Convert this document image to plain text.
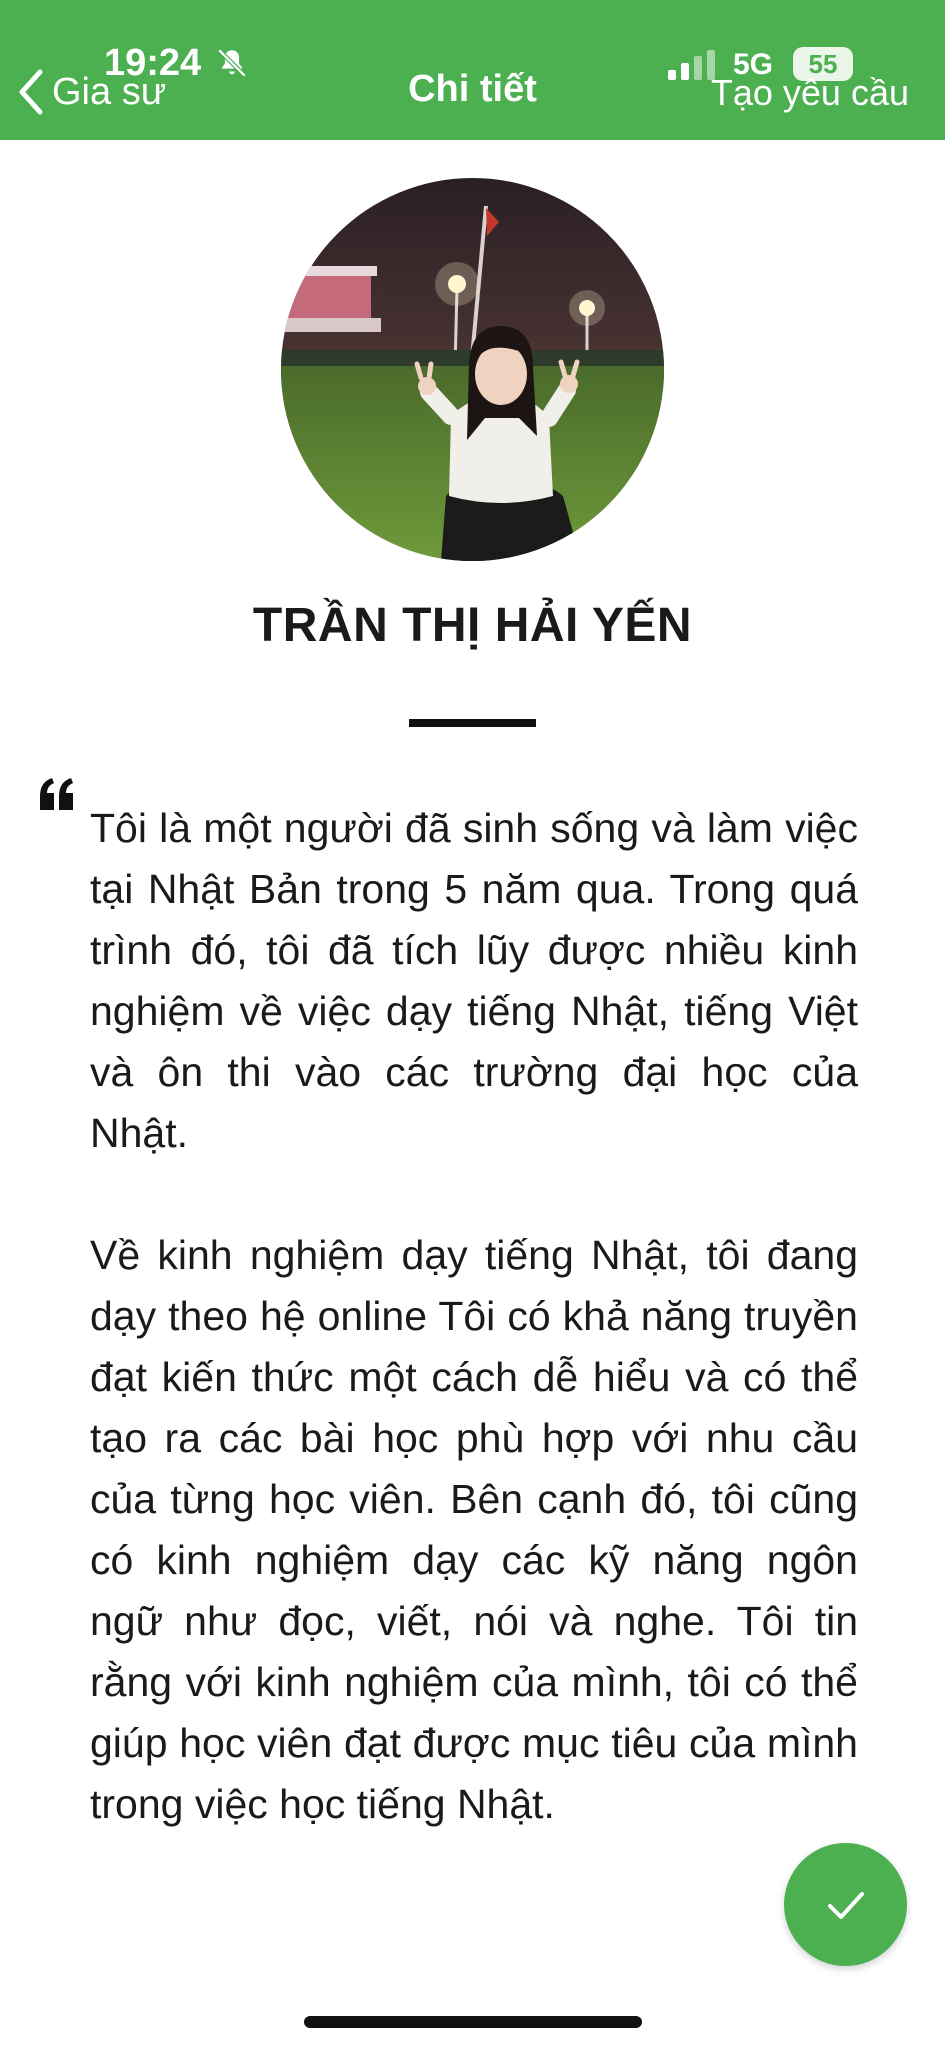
19:24	5G	55
Gia sư	Chi tiết	Tạo yêu cầu
TRẦN THỊ HẢI YẾN

Tôi là một người đã sinh sống và làm việc tại Nhật Bản trong 5 năm qua. Trong quá trình đó, tôi đã tích lũy được nhiều kinh nghiệm về việc dạy tiếng Nhật, tiếng Việt và ôn thi vào các trường đại học của Nhật.

Về kinh nghiệm dạy tiếng Nhật, tôi đang dạy theo hệ online Tôi có khả năng truyền đạt kiến thức một cách dễ hiểu và có thể tạo ra các bài học phù hợp với nhu cầu của từng học viên. Bên cạnh đó, tôi cũng có kinh nghiệm dạy các kỹ năng ngôn ngữ như đọc, viết, nói và nghe. Tôi tin rằng với kinh nghiệm của mình, tôi có thể giúp học viên đạt được mục tiêu của mình trong việc học tiếng Nhật.
